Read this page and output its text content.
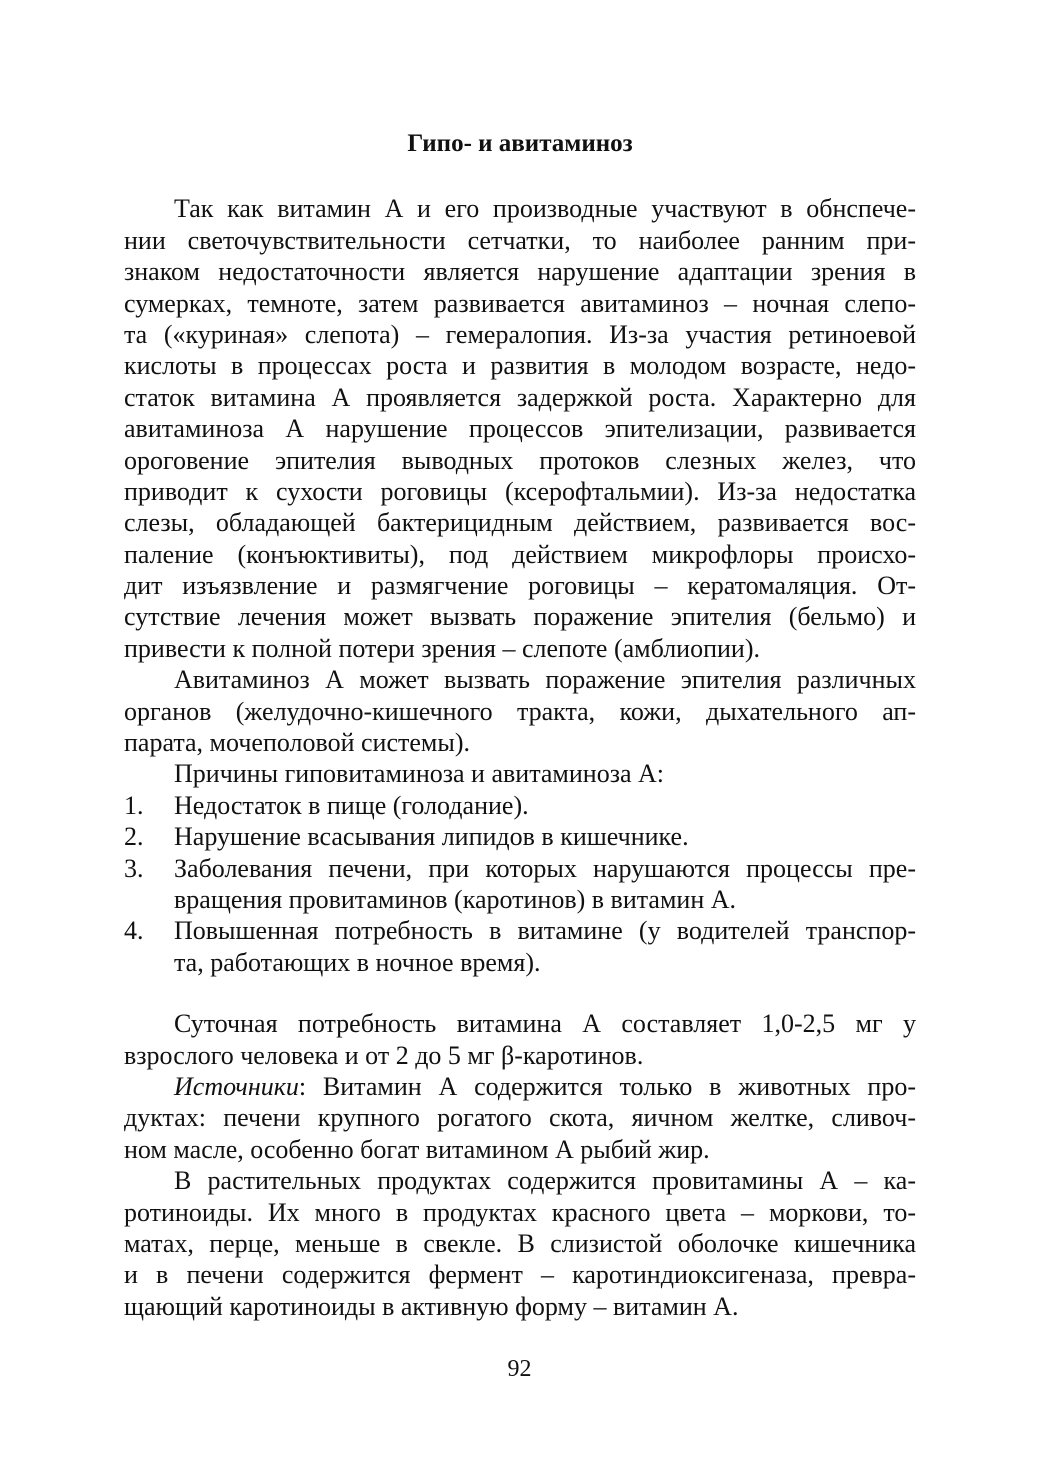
Гипо- и авитаминоз
Так как витамин А и его производные участвуют в обнспече-
нии светочувствительности сетчатки, то наиболее ранним при-
знаком недостаточности является нарушение адаптации зрения в
сумерках, темноте, затем развивается авитаминоз – ночная слепо-
та («куриная» слепота) – гемералопия. Из-за участия ретиноевой
кислоты в процессах роста и развития в молодом возрасте, недо-
статок витамина А проявляется задержкой роста. Характерно для
авитаминоза А нарушение процессов эпителизации, развивается
ороговение эпителия выводных протоков слезных желез, что
приводит к сухости роговицы (ксерофтальмии). Из-за недостатка
слезы, обладающей бактерицидным действием, развивается вос-
паление (конъюктивиты), под действием микрофлоры происхо-
дит изъязвление и размягчение роговицы – кератомаляция. От-
сутствие лечения может вызвать поражение эпителия (бельмо) и
привести к полной потери зрения – слепоте (амблиопии).
Авитаминоз А может вызвать поражение эпителия различных
органов (желудочно-кишечного тракта, кожи, дыхательного ап-
парата, мочеполовой системы).
Причины гиповитаминоза и авитаминоза А:
1. Недостаток в пище (голодание).
2. Нарушение всасывания липидов в кишечнике.
3. Заболевания печени, при которых нарушаются процессы пре-
вращения провитаминов (каротинов) в витамин А.
4. Повышенная потребность в витамине (у водителей транспор-
та, работающих в ночное время).
Суточная потребность витамина А составляет 1,0-2,5 мг у
взрослого человека и от 2 до 5 мг β-каротинов.
Источники: Витамин А содержится только в животных про-
дуктах: печени крупного рогатого скота, яичном желтке, сливоч-
ном масле, особенно богат витамином А рыбий жир.
В растительных продуктах содержится провитамины А – ка-
ротиноиды. Их много в продуктах красного цвета – моркови, то-
матах, перце, меньше в свекле. В слизистой оболочке кишечника
и в печени содержится фермент – каротиндиоксигеназа, превра-
щающий каротиноиды в активную форму – витамин А.
92
